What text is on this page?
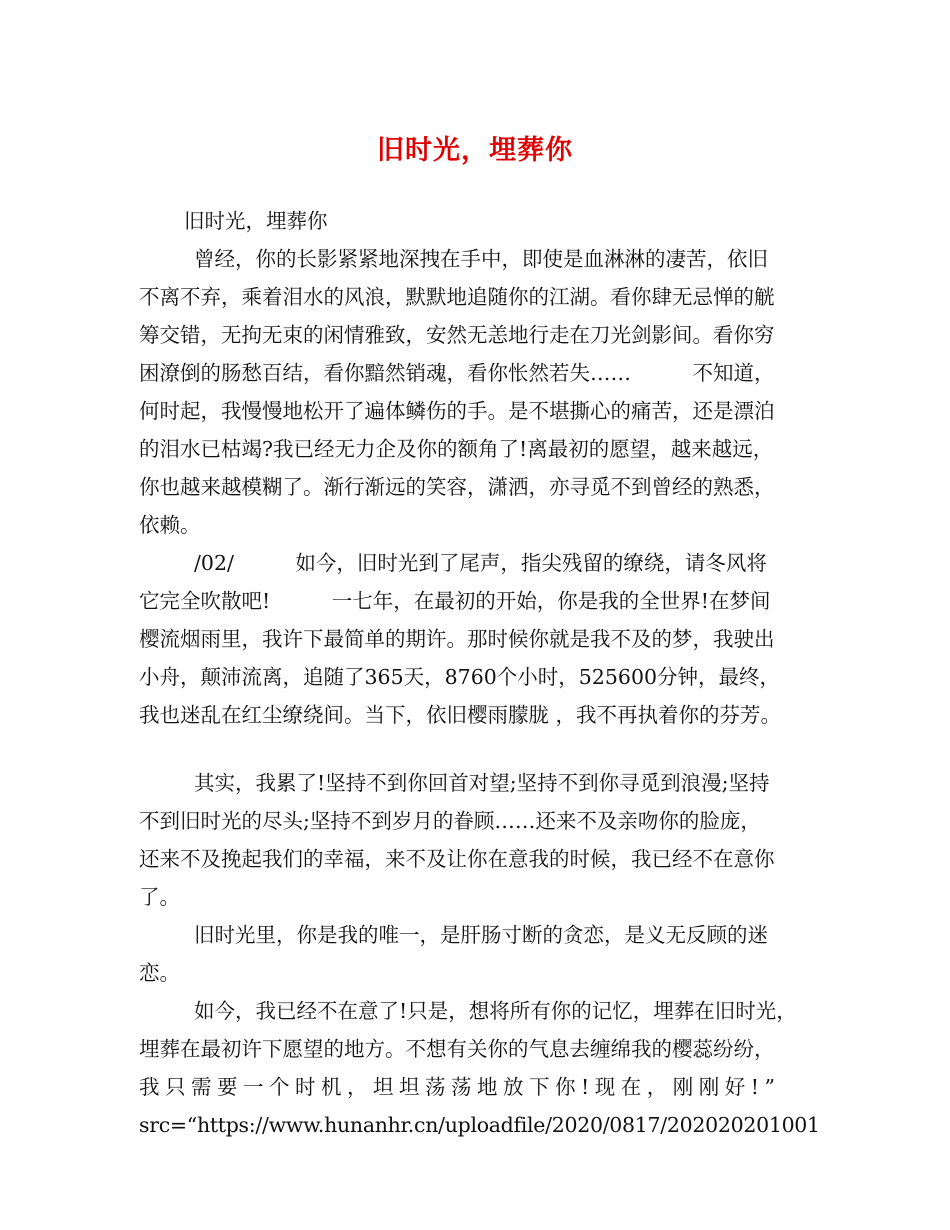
旧时光，埋葬你
旧时光，埋葬你
曾经，你的长影紧紧地深拽在手中，即使是血淋淋的凄苦，依旧
不离不弃，乘着泪水的风浪，默默地追随你的江湖。看你肆无忌惮的觥
筹交错，无拘无束的闲情雅致，安然无恙地行走在刀光剑影间。看你穷
困潦倒的肠愁百结，看你黯然销魂，看你怅然若失……　　　不知道，
何时起，我慢慢地松开了遍体鳞伤的手。是不堪撕心的痛苦，还是漂泊
的泪水已枯竭?我已经无力企及你的额角了!离最初的愿望，越来越远，
你也越来越模糊了。渐行渐远的笑容，潇洒，亦寻觅不到曾经的熟悉，
依赖。
/02/　　　如今，旧时光到了尾声，指尖残留的缭绕，请冬风将
它完全吹散吧!　　　一七年，在最初的开始，你是我的全世界!在梦间
樱流烟雨里，我许下最简单的期许。那时候你就是我不及的梦，我驶出
小舟，颠沛流离，追随了365天，8760个小时，525600分钟，最终，
我也迷乱在红尘缭绕间。当下，依旧樱雨朦胧 ，我不再执着你的芬芳。
其实，我累了!坚持不到你回首对望;坚持不到你寻觅到浪漫;坚持
不到旧时光的尽头;坚持不到岁月的眷顾……还来不及亲吻你的脸庞，
还来不及挽起我们的幸福，来不及让你在意我的时候，我已经不在意你
了。
旧时光里，你是我的唯一，是肝肠寸断的贪恋，是义无反顾的迷
恋。
如今，我已经不在意了!只是，想将所有你的记忆，埋葬在旧时光，
埋葬在最初许下愿望的地方。不想有关你的气息去缠绵我的樱蕊纷纷，
我只需要一个时机，坦坦荡荡地放下你!现在，刚刚好!”
src=“https://www.hunanhr.cn/uploadfile/2020/0817/202020201001
